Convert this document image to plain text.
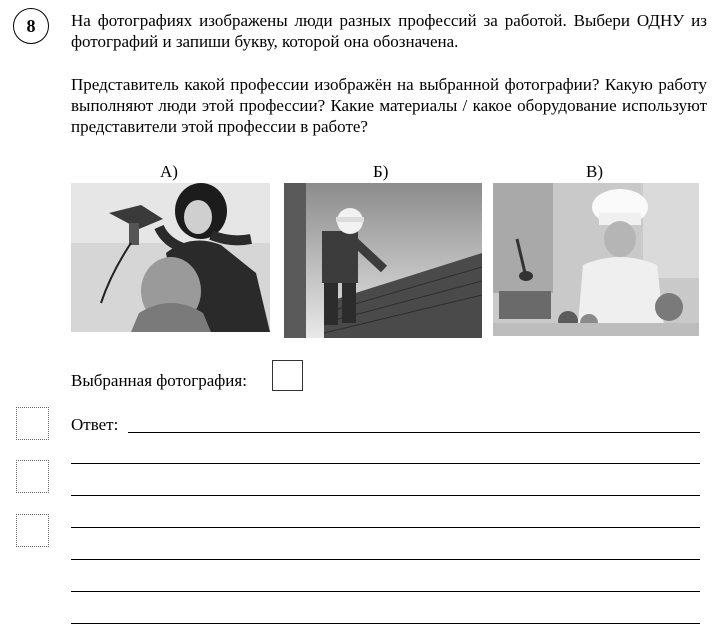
8 На фотографиях изображены люди разных профессий за работой. Выбери ОДНУ из фотографий и запиши букву, которой она обозначена.

Представитель какой профессии изображён на выбранной фотографии? Какую работу выполняют люди этой профессии? Какие материалы / какое оборудование используют представители этой профессии в работе?

А)	Б)	В)
Выбранная фотография:
Ответ:
